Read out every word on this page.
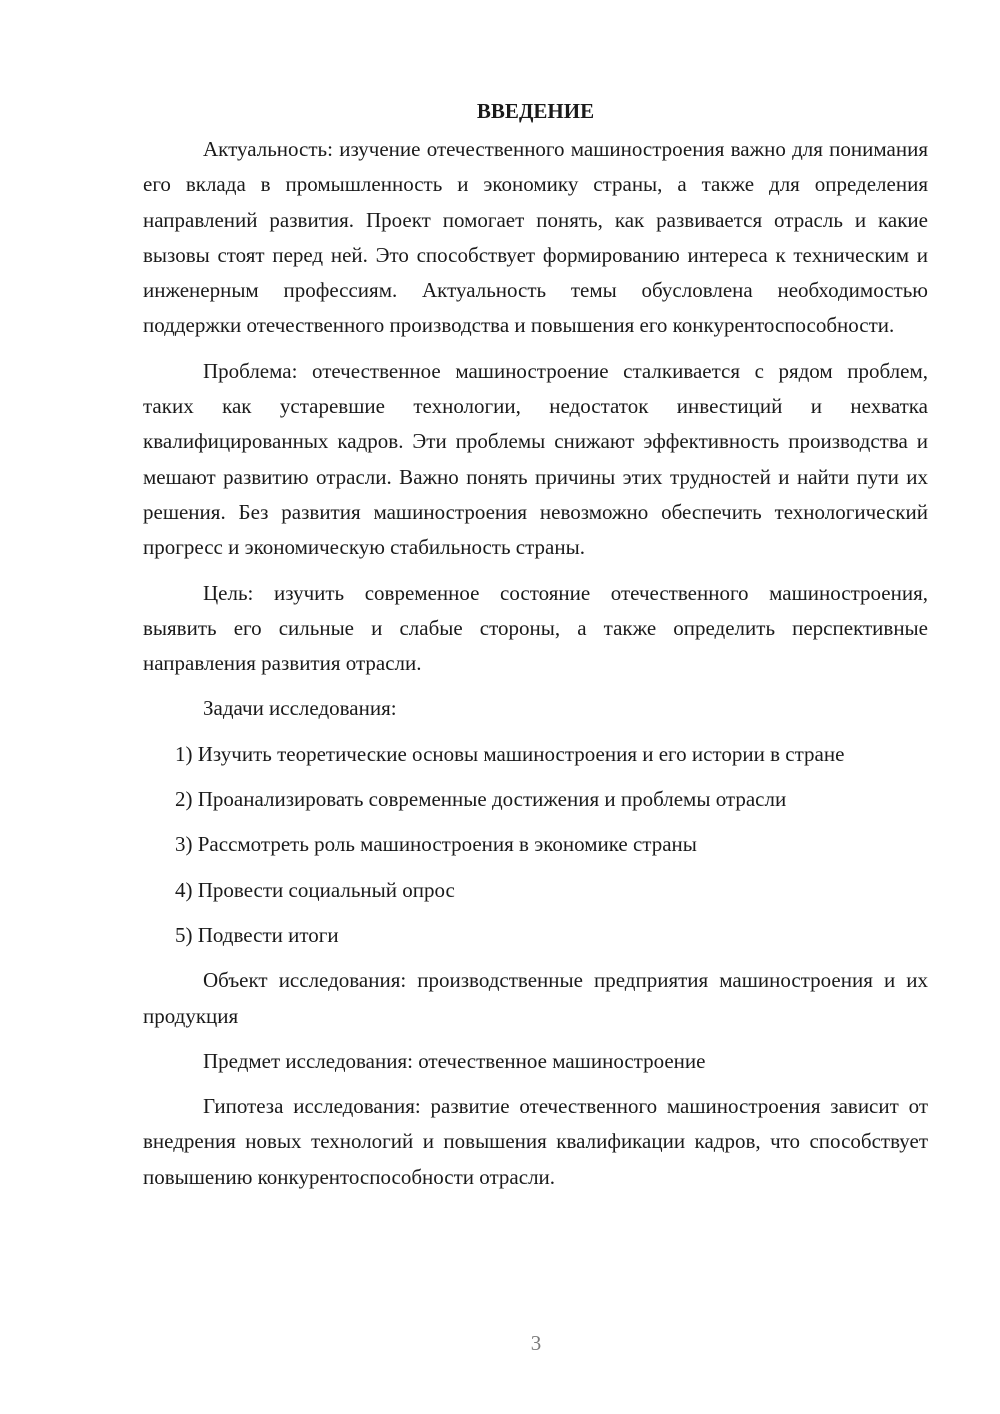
ВВЕДЕНИЕ

Актуальность: изучение отечественного машиностроения важно для понимания его вклада в промышленность и экономику страны, а также для определения направлений развития. Проект помогает понять, как развивается отрасль и какие вызовы стоят перед ней. Это способствует формированию интереса к техническим и инженерным профессиям. Актуальность темы обусловлена необходимостью поддержки отечественного производства и повышения его конкурентоспособности.

Проблема: отечественное машиностроение сталкивается с рядом проблем, таких как устаревшие технологии, недостаток инвестиций и нехватка квалифицированных кадров. Эти проблемы снижают эффективность производства и мешают развитию отрасли. Важно понять причины этих трудностей и найти пути их решения. Без развития машиностроения невозможно обеспечить технологический прогресс и экономическую стабильность страны.

Цель: изучить современное состояние отечественного машиностроения, выявить его сильные и слабые стороны, а также определить перспективные направления развития отрасли.

Задачи исследования:

1) Изучить теоретические основы машиностроения и его истории в стране

2) Проанализировать современные достижения и проблемы отрасли

3) Рассмотреть роль машиностроения в экономике страны

4) Провести социальный опрос

5) Подвести итоги

Объект исследования: производственные предприятия машиностроения и их продукция

Предмет исследования: отечественное машиностроение

Гипотеза исследования: развитие отечественного машиностроения зависит от внедрения новых технологий и повышения квалификации кадров, что способствует повышению конкурентоспособности отрасли.

3
